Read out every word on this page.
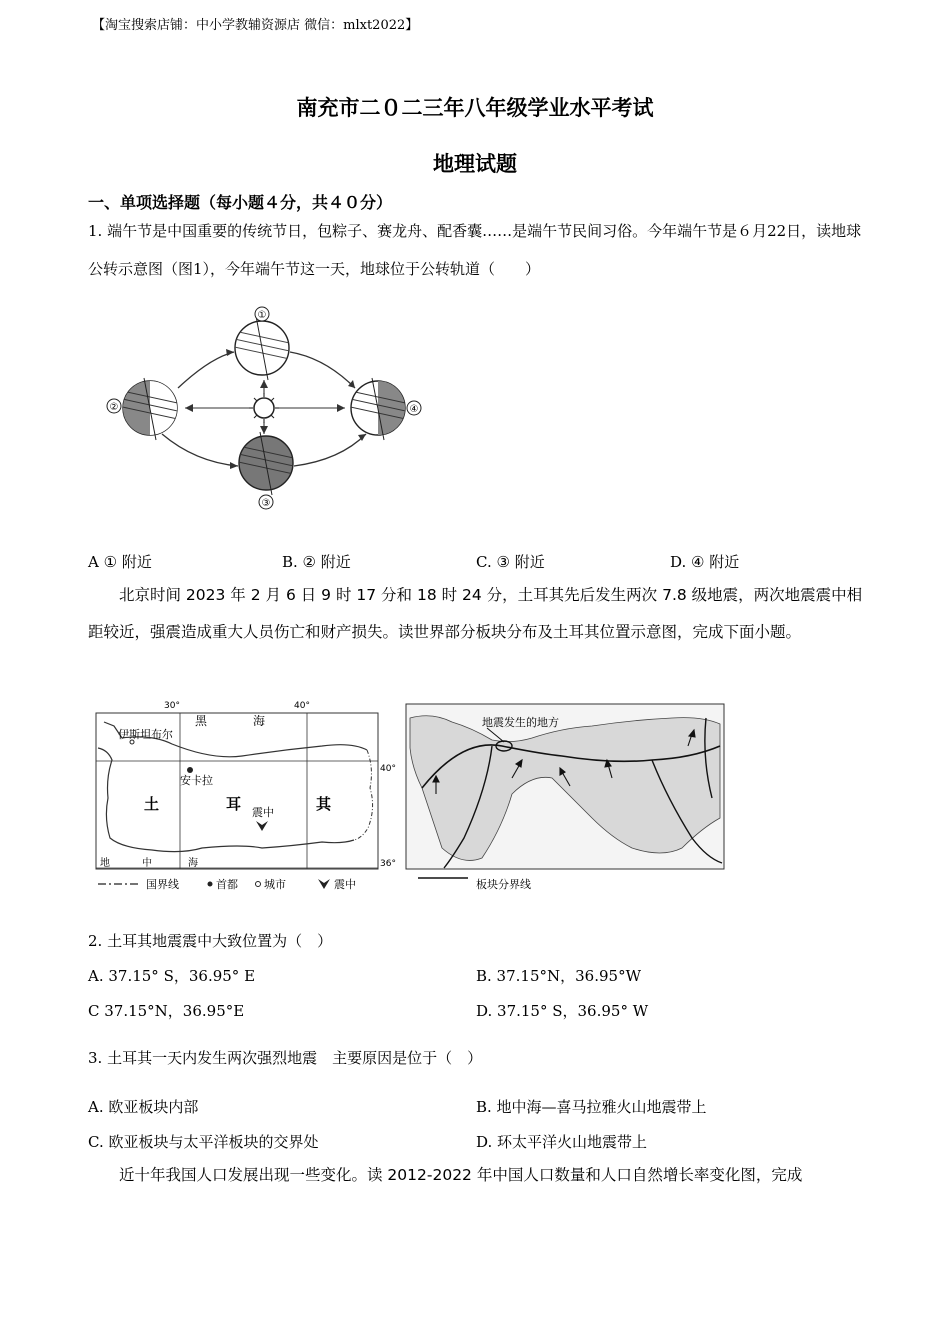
【淘宝搜索店铺：中小学教辅资源店 微信：mlxt2022】
南充市二０二三年八年级学业水平考试
地理试题
一、单项选择题（每小题４分，共４０分）
1. 端午节是中国重要的传统节日，包粽子、赛龙舟、配香囊……是端午节民间习俗。今年端午节是６月22日，读地球公转示意图（图1），今年端午节这一天，地球位于公转轨道（　　）
①
②
③
④
A ① 附近	B. ② 附近	C. ③ 附近	D. ④ 附近
北京时间 2023 年 2 月 6 日 9 时 17 分和 18 时 24 分，土耳其先后发生两次 7.8 级地震，两次地震震中相距较近，强震造成重大人员伤亡和财产损失。读世界部分板块分布及土耳其位置示意图，完成下面小题。
30°	40°
40°
36°
伊斯坦布尔
安卡拉
黑	海
土	耳	其
震中
地	中	海
地震发生的地方
国界线	首都 城市	震中	板块分界线
2. 土耳其地震震中大致位置为（　）
A. 37.15° S，36.95° E	B. 37.15°N，36.95°W
C 37.15°N，36.95°E	D. 37.15° S，36.95° W
3. 土耳其一天内发生两次强烈地震　主要原因是位于（　）
A. 欧亚板块内部	B. 地中海—喜马拉雅火山地震带上
C. 欧亚板块与太平洋板块的交界处	D. 环太平洋火山地震带上
近十年我国人口发展出现一些变化。读 2012-2022 年中国人口数量和人口自然增长率变化图，完成
